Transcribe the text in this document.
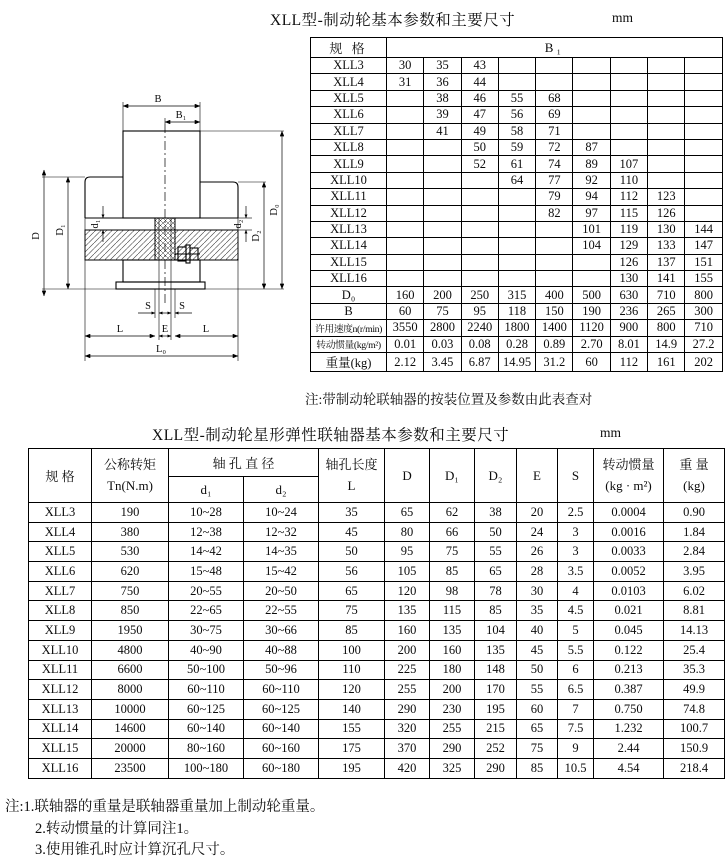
XLL型-制动轮基本参数和主要尺寸	mm
B
B₁
D
D₁
d₁	d₂
D₂
D₀
S	S
L	E	L
L₀
规 格	B₁								
XLL3	30	35	43						
XLL4	31	36	44						
XLL5		38	46	55	68				
XLL6		39	47	56	69				
XLL7		41	49	58	71				
XLL8			50	59	72	87			
XLL9			52	61	74	89	107		
XLL10				64	77	92	110		
XLL11					79	94	112	123	
XLL12					82	97	115	126	
XLL13						101	119	130	144
XLL14						104	129	133	147
XLL15							126	137	151
XLL16							130	141	155
D₀	160	200	250	315	400	500	630	710	800
B	60	75	95	118	150	190	236	265	300
许用速度n(r/min)	3550	2800	2240	1800	1400	1120	900	800	710
转动惯量(kg/m²)	0.01	0.03	0.08	0.28	0.89	2.70	8.01	14.9	27.2
重量(kg)	2.12	3.45	6.87	14.95	31.2	60	112	161	202
注:带制动轮联轴器的按装位置及参数由此表查对
XLL型-制动轮星形弹性联轴器基本参数和主要尺寸	mm
规 格	
公称转矩
Tn(N.m)
	轴 孔 直 径	轴孔长度
L
	D	D₁	D₂	E	S	
转动惯量
(kg · m²)

重 量
(kg)

		d₁	d₂								
XLL3	190	10~28	10~24	35	65	62	38	20	2.5	0.0004	0.90
XLL4	380	12~38	12~32	45	80	66	50	24	3	0.0016	1.84
XLL5	530	14~42	14~35	50	95	75	55	26	3	0.0033	2.84
XLL6	620	15~48	15~42	56	105	85	65	28	3.5	0.0052	3.95
XLL7	750	20~55	20~50	65	120	98	78	30	4	0.0103	6.02
XLL8	850	22~65	22~55	75	135	115	85	35	4.5	0.021	8.81
XLL9	1950	30~75	30~66	85	160	135	104	40	5	0.045	14.13
XLL10	4800	40~90	40~88	100	200	160	135	45	5.5	0.122	25.4
XLL11	6600	50~100	50~96	110	225	180	148	50	6	0.213	35.3
XLL12	8000	60~110	60~110	120	255	200	170	55	6.5	0.387	49.9
XLL13	10000	60~125	60~125	140	290	230	195	60	7	0.750	74.8
XLL14	14600	60~140	60~140	155	320	255	215	65	7.5	1.232	100.7
XLL15	20000	80~160	60~160	175	370	290	252	75	9	2.44	150.9
XLL16	23500	100~180	60~180	195	420	325	290	85	10.5	4.54	218.4
注:1.联轴器的重量是联轴器重量加上制动轮重量。
2.转动惯量的计算同注1。
3.使用锥孔时应计算沉孔尺寸。
